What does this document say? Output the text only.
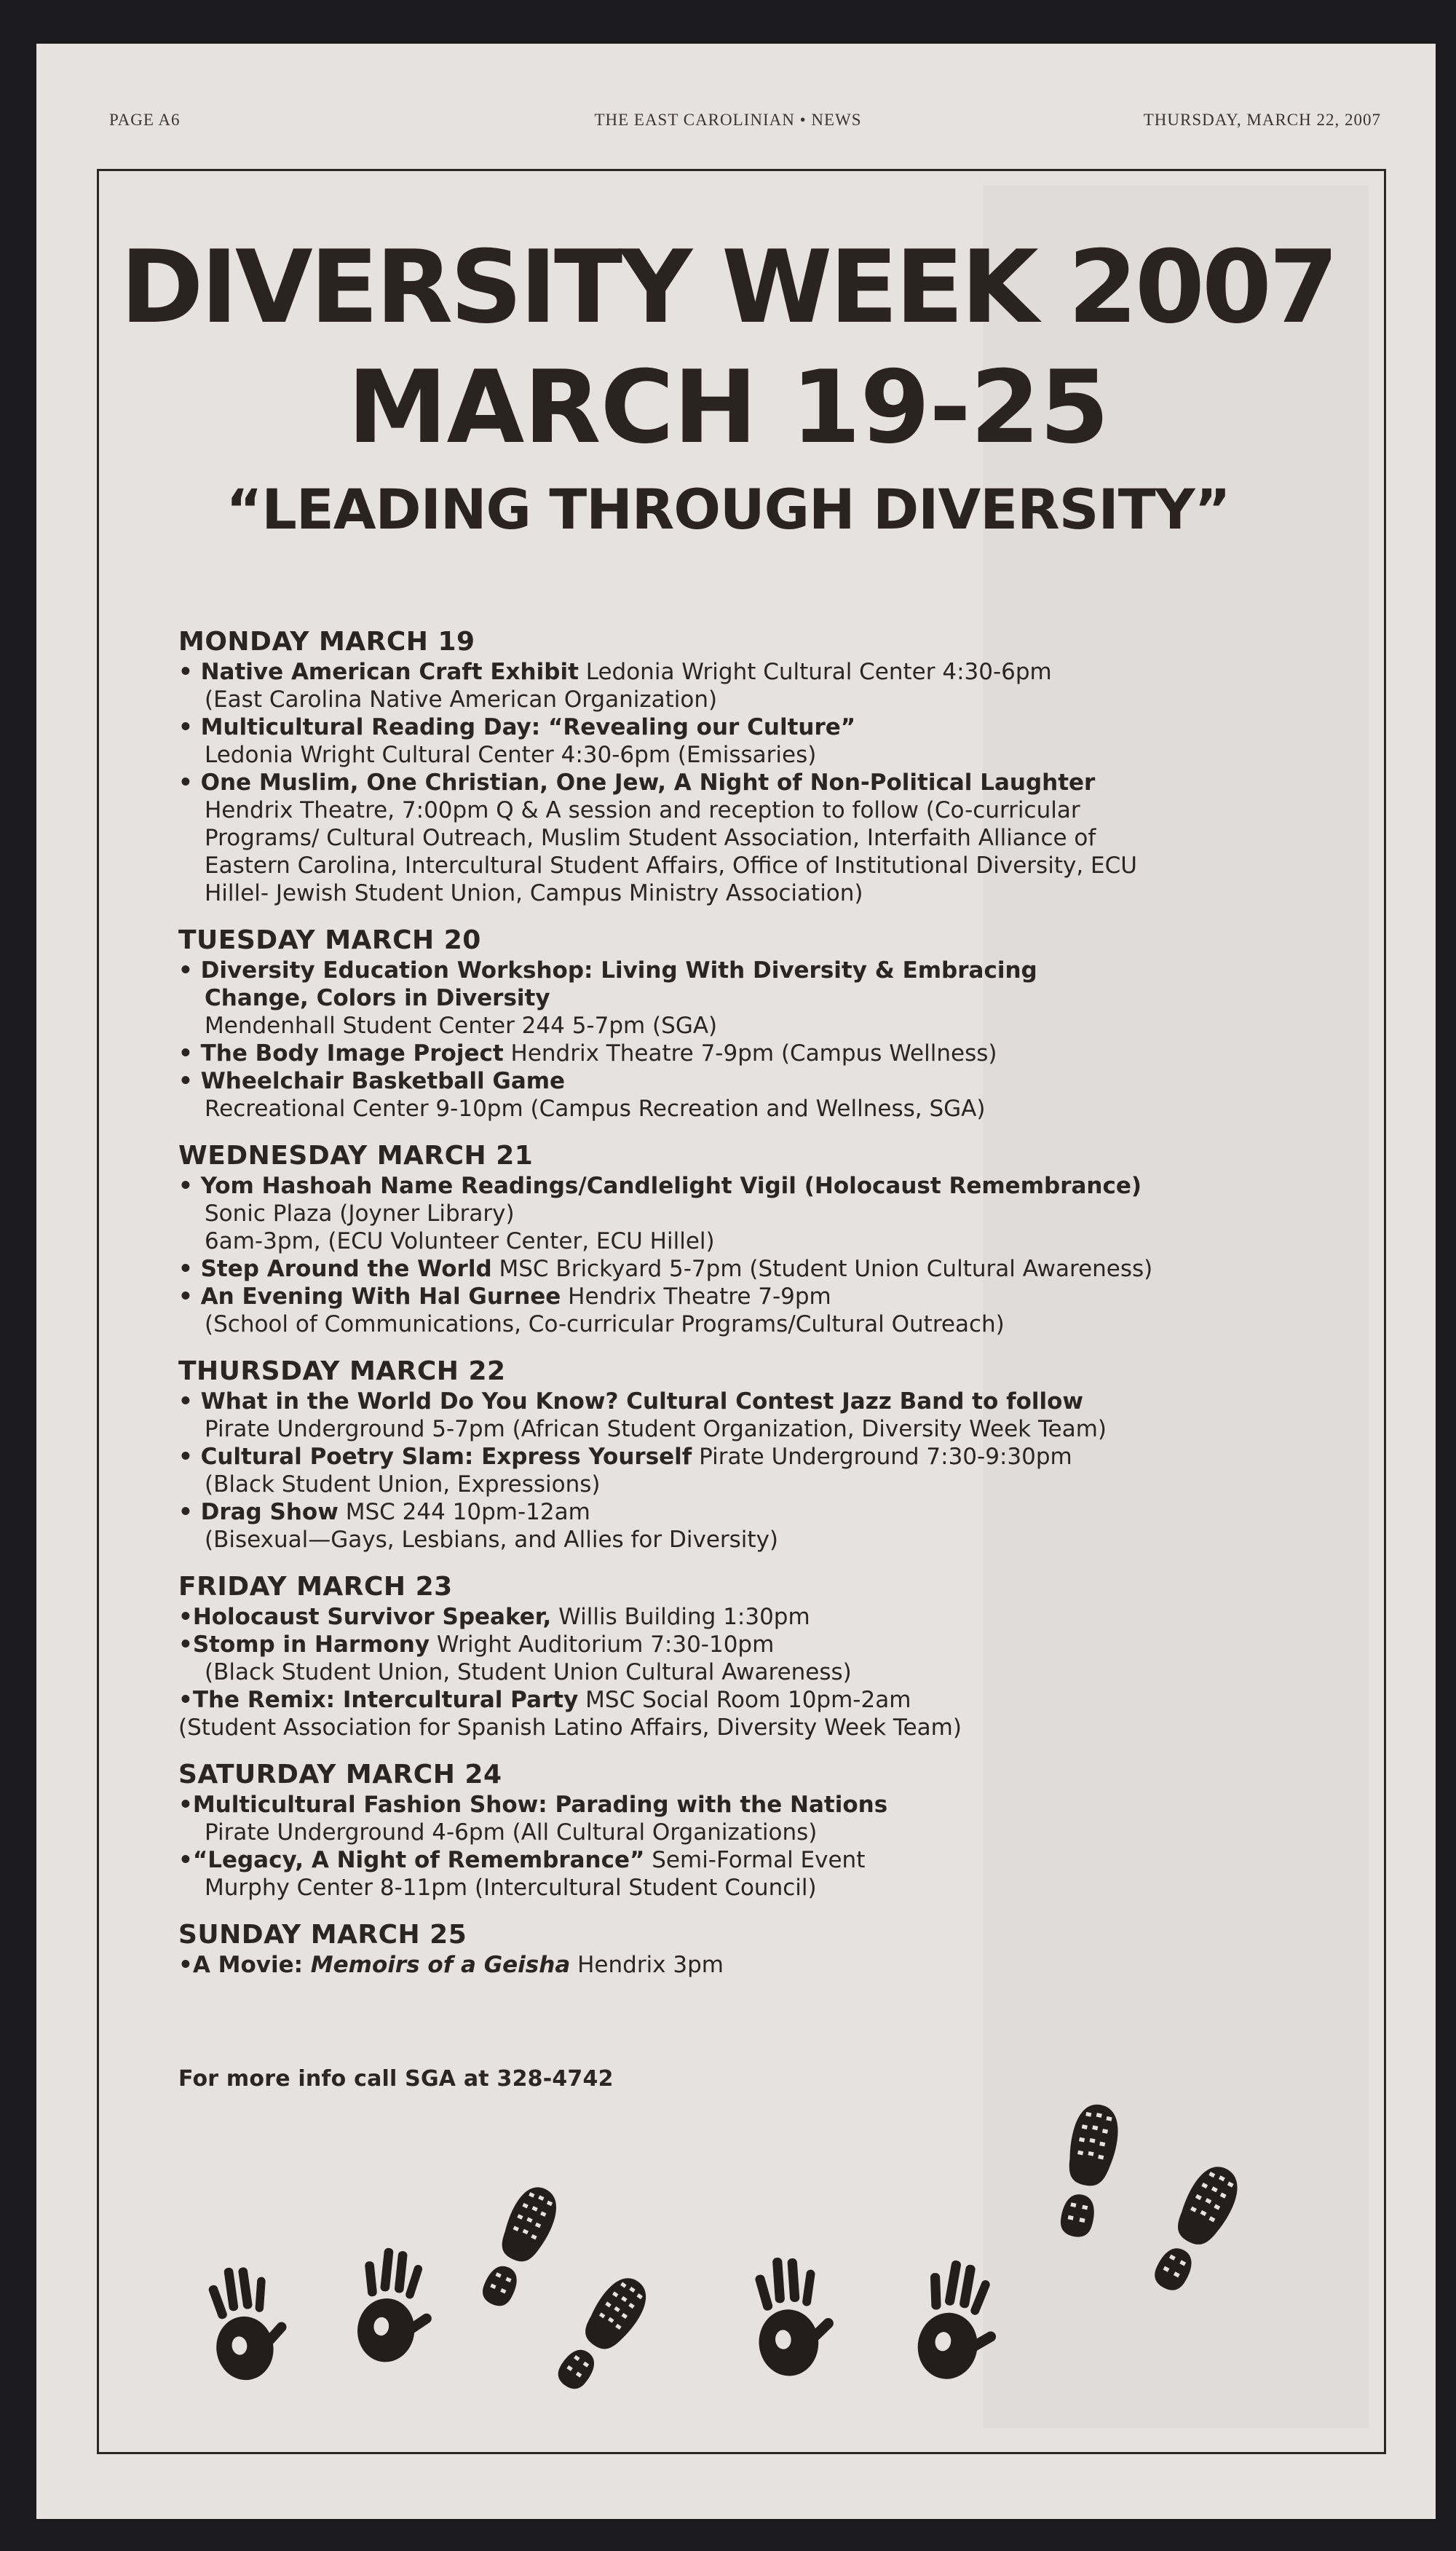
PAGE A6	THE EAST CAROLINIAN • NEWS	THURSDAY, MARCH 22, 2007
DIVERSITY WEEK 2007
MARCH 19-25
“LEADING THROUGH DIVERSITY”
MONDAY MARCH 19
• Native American Craft Exhibit Ledonia Wright Cultural Center 4:30-6pm
(East Carolina Native American Organization)
• Multicultural Reading Day: “Revealing our Culture”
Ledonia Wright Cultural Center 4:30-6pm (Emissaries)
• One Muslim, One Christian, One Jew, A Night of Non-Political Laughter
Hendrix Theatre, 7:00pm Q & A session and reception to follow (Co-curricular
Programs/ Cultural Outreach, Muslim Student Association, Interfaith Alliance of
Eastern Carolina, Intercultural Student Affairs, Office of Institutional Diversity, ECU
Hillel- Jewish Student Union, Campus Ministry Association)
TUESDAY MARCH 20
• Diversity Education Workshop: Living With Diversity & Embracing
Change, Colors in Diversity
Mendenhall Student Center 244 5-7pm (SGA)
• The Body Image Project Hendrix Theatre 7-9pm (Campus Wellness)
• Wheelchair Basketball Game
Recreational Center 9-10pm (Campus Recreation and Wellness, SGA)
WEDNESDAY MARCH 21
• Yom Hashoah Name Readings/Candlelight Vigil (Holocaust Remembrance)
Sonic Plaza (Joyner Library)
6am-3pm, (ECU Volunteer Center, ECU Hillel)
• Step Around the World MSC Brickyard 5-7pm (Student Union Cultural Awareness)
• An Evening With Hal Gurnee Hendrix Theatre 7-9pm
(School of Communications, Co-curricular Programs/Cultural Outreach)
THURSDAY MARCH 22
• What in the World Do You Know? Cultural Contest Jazz Band to follow
Pirate Underground 5-7pm (African Student Organization, Diversity Week Team)
• Cultural Poetry Slam: Express Yourself Pirate Underground 7:30-9:30pm
(Black Student Union, Expressions)
• Drag Show MSC 244 10pm-12am
(Bisexual—Gays, Lesbians, and Allies for Diversity)
FRIDAY MARCH 23
•Holocaust Survivor Speaker, Willis Building 1:30pm
•Stomp in Harmony Wright Auditorium 7:30-10pm
(Black Student Union, Student Union Cultural Awareness)
•The Remix: Intercultural Party MSC Social Room 10pm-2am
(Student Association for Spanish Latino Affairs, Diversity Week Team)
SATURDAY MARCH 24
•Multicultural Fashion Show: Parading with the Nations
Pirate Underground 4-6pm (All Cultural Organizations)
•“Legacy, A Night of Remembrance” Semi-Formal Event
Murphy Center 8-11pm (Intercultural Student Council)
SUNDAY MARCH 25
•A Movie: Memoirs of a Geisha Hendrix 3pm
For more info call SGA at 328-4742
